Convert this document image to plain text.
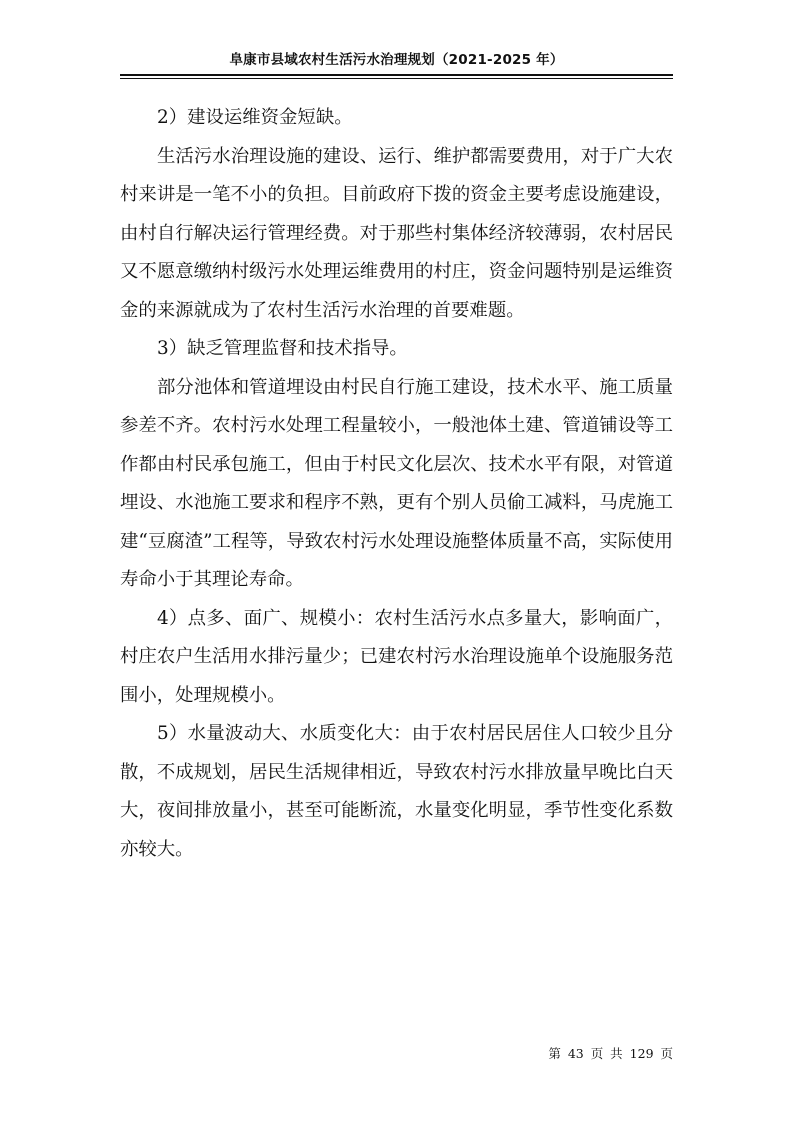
阜康市县域农村生活污水治理规划（2021-2025 年）
2）建设运维资金短缺。
生活污水治理设施的建设、运行、维护都需要费用，对于广大农
村来讲是一笔不小的负担。目前政府下拨的资金主要考虑设施建设，
由村自行解决运行管理经费。对于那些村集体经济较薄弱，农村居民
又不愿意缴纳村级污水处理运维费用的村庄，资金问题特别是运维资
金的来源就成为了农村生活污水治理的首要难题。
3）缺乏管理监督和技术指导。
部分池体和管道埋设由村民自行施工建设，技术水平、施工质量
参差不齐。农村污水处理工程量较小，一般池体土建、管道铺设等工
作都由村民承包施工，但由于村民文化层次、技术水平有限，对管道
埋设、水池施工要求和程序不熟，更有个别人员偷工减料，马虎施工
建“豆腐渣”工程等，导致农村污水处理设施整体质量不高，实际使用
寿命小于其理论寿命。
4）点多、面广、规模小：农村生活污水点多量大，影响面广，
村庄农户生活用水排污量少；已建农村污水治理设施单个设施服务范
围小，处理规模小。
5）水量波动大、水质变化大：由于农村居民居住人口较少且分
散，不成规划，居民生活规律相近，导致农村污水排放量早晚比白天
大，夜间排放量小，甚至可能断流，水量变化明显，季节性变化系数
亦较大。
第 43 页 共 129 页
